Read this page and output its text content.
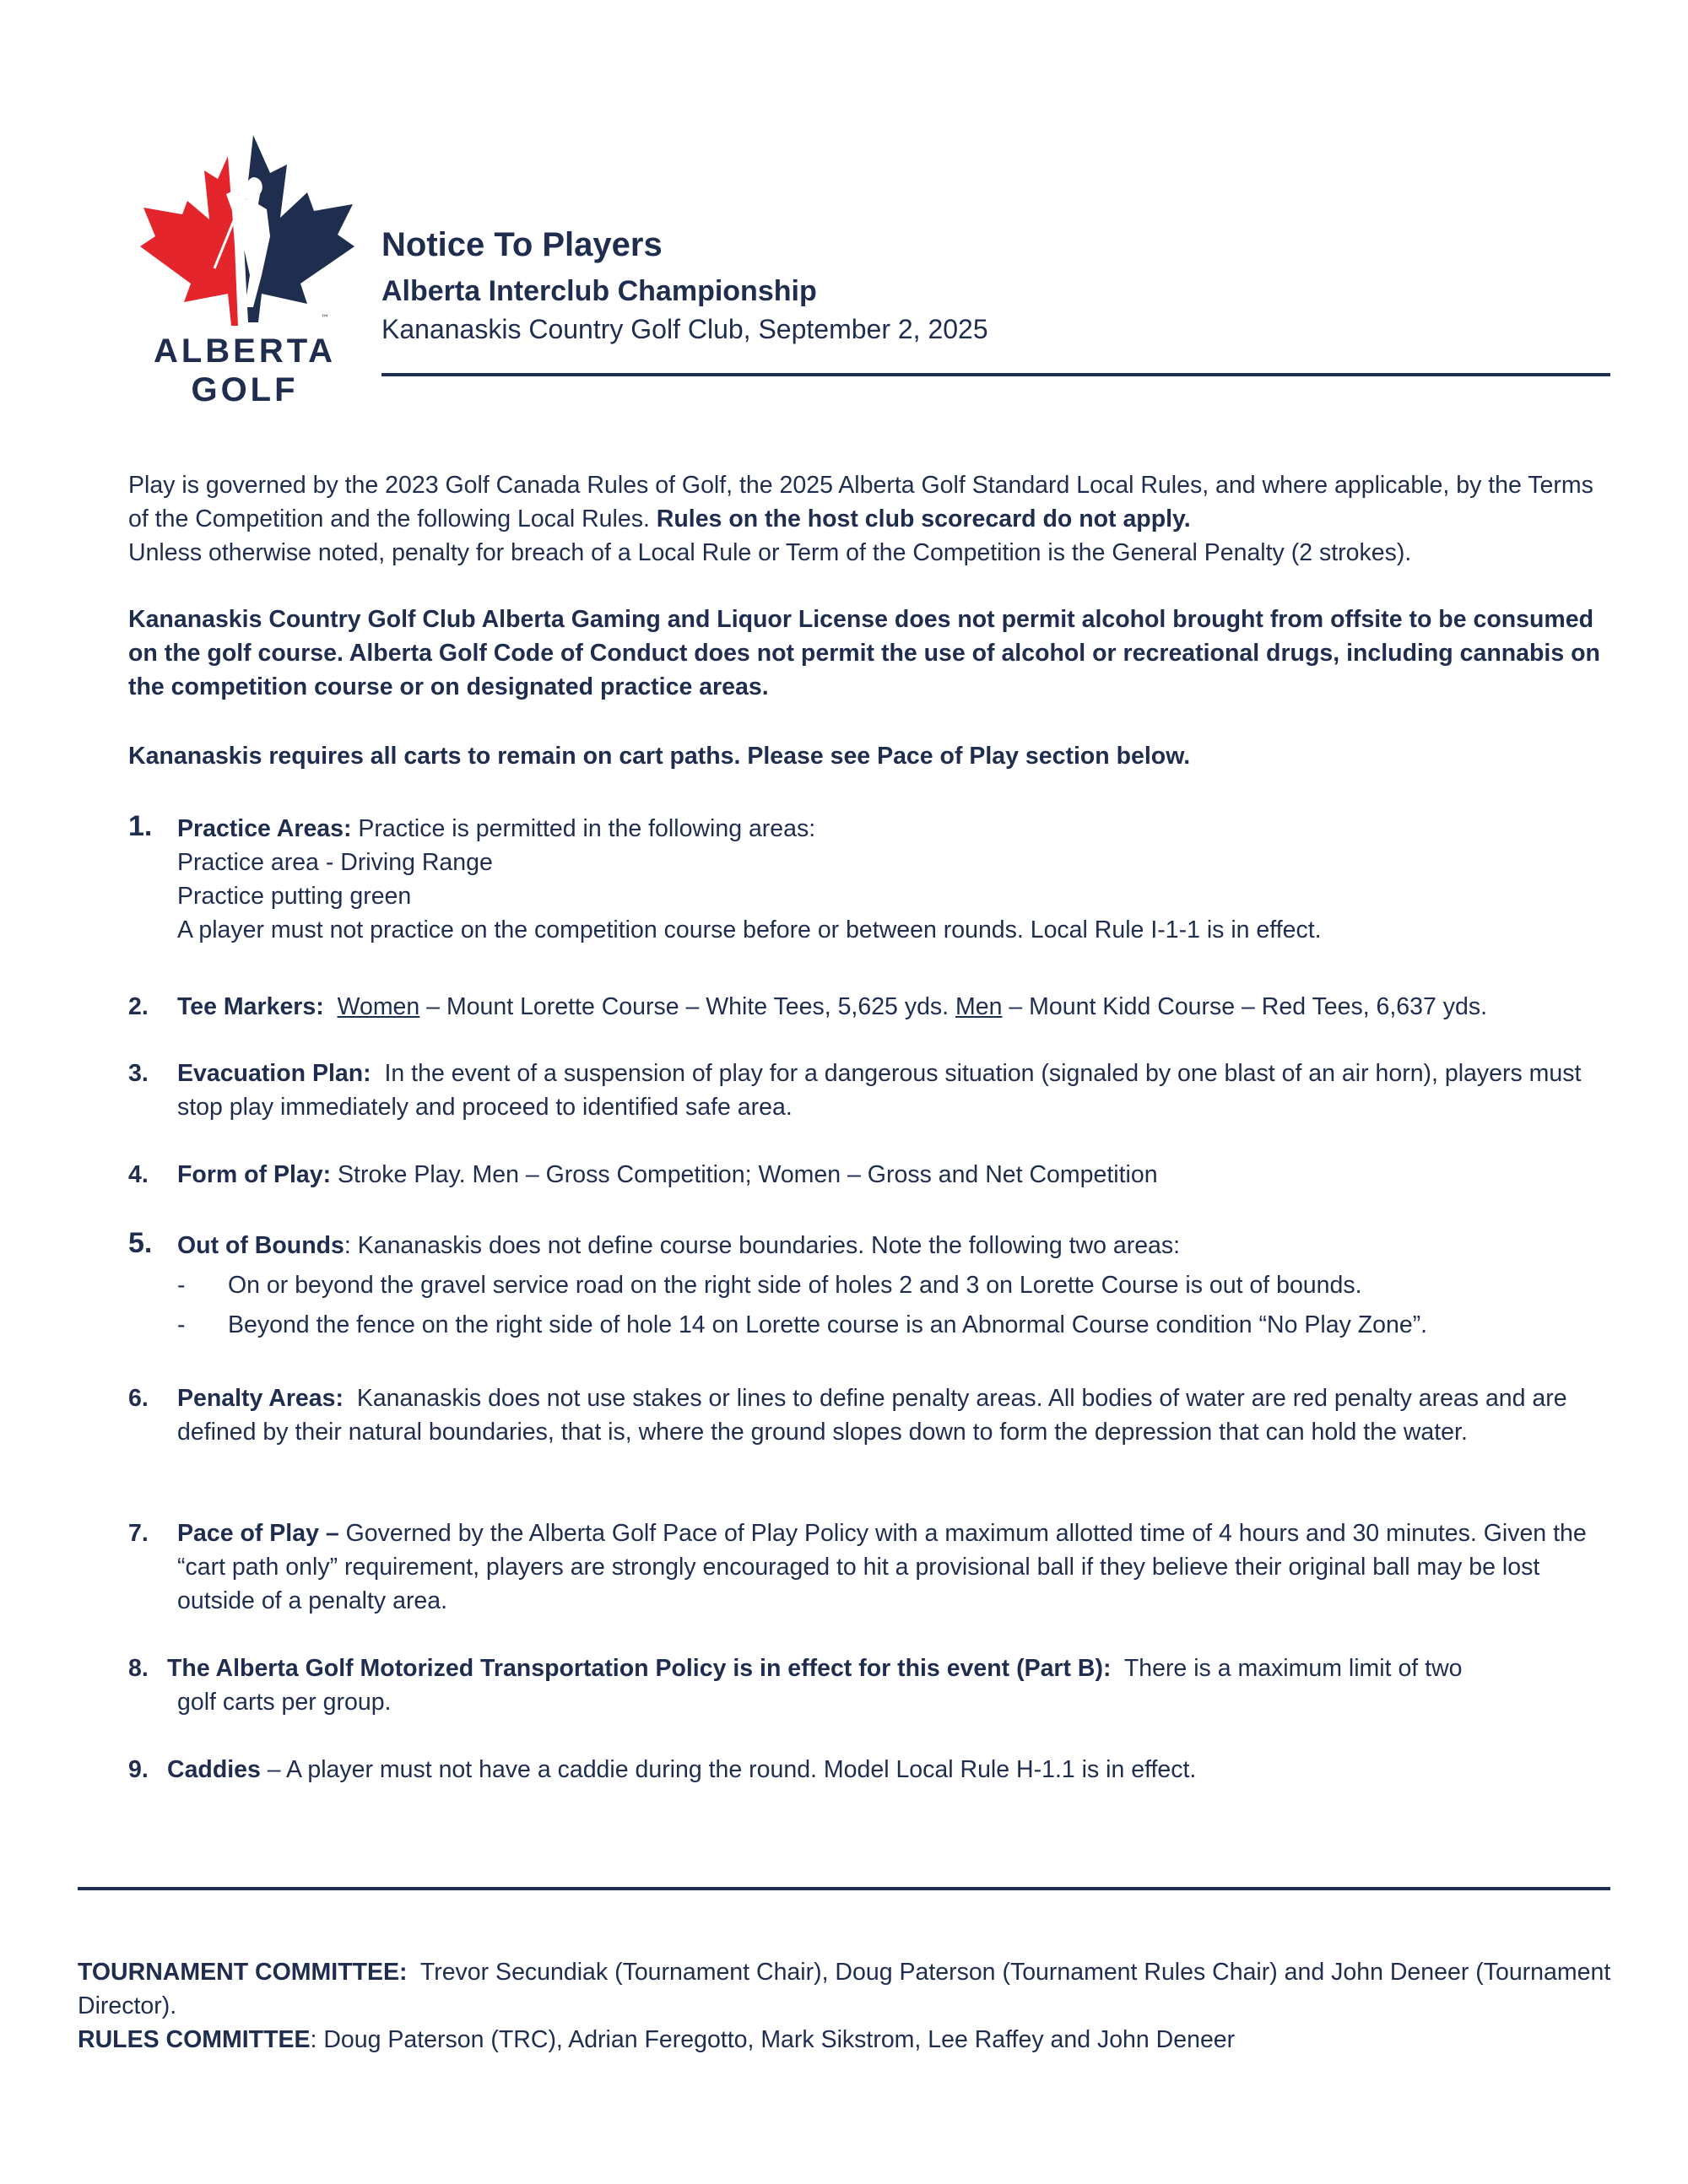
™
ALBERTA
GOLF
Notice To Players
Alberta Interclub Championship
Kananaskis Country Golf Club, September 2, 2025
Play is governed by the 2023 Golf Canada Rules of Golf, the 2025 Alberta Golf Standard Local Rules, and where applicable, by the Terms of the Competition and the following Local Rules. Rules on the host club scorecard do not apply.
Unless otherwise noted, penalty for breach of a Local Rule or Term of the Competition is the General Penalty (2 strokes).
Kananaskis Country Golf Club Alberta Gaming and Liquor License does not permit alcohol brought from offsite to be consumed on the golf course. Alberta Golf Code of Conduct does not permit the use of alcohol or recreational drugs, including cannabis on the competition course or on designated practice areas.
Kananaskis requires all carts to remain on cart paths. Please see Pace of Play section below.
1. Practice Areas: Practice is permitted in the following areas:
Practice area - Driving Range
Practice putting green
A player must not practice on the competition course before or between rounds. Local Rule I-1-1 is in effect.
2. Tee Markers: Women – Mount Lorette Course – White Tees, 5,625 yds. Men – Mount Kidd Course – Red Tees, 6,637 yds.
3. Evacuation Plan: In the event of a suspension of play for a dangerous situation (signaled by one blast of an air horn), players must stop play immediately and proceed to identified safe area.
4. Form of Play: Stroke Play. Men – Gross Competition; Women – Gross and Net Competition
5. Out of Bounds: Kananaskis does not define course boundaries. Note the following two areas:
- On or beyond the gravel service road on the right side of holes 2 and 3 on Lorette Course is out of bounds.
- Beyond the fence on the right side of hole 14 on Lorette course is an Abnormal Course condition “No Play Zone”.
6. Penalty Areas: Kananaskis does not use stakes or lines to define penalty areas. All bodies of water are red penalty areas and are defined by their natural boundaries, that is, where the ground slopes down to form the depression that can hold the water.
7. Pace of Play – Governed by the Alberta Golf Pace of Play Policy with a maximum allotted time of 4 hours and 30 minutes. Given the “cart path only” requirement, players are strongly encouraged to hit a provisional ball if they believe their original ball may be lost outside of a penalty area.
8. The Alberta Golf Motorized Transportation Policy is in effect for this event (Part B): There is a maximum limit of two
golf carts per group.
9. Caddies – A player must not have a caddie during the round. Model Local Rule H-1.1 is in effect.
TOURNAMENT COMMITTEE: Trevor Secundiak (Tournament Chair), Doug Paterson (Tournament Rules Chair) and John Deneer (Tournament Director).
RULES COMMITTEE: Doug Paterson (TRC), Adrian Feregotto, Mark Sikstrom, Lee Raffey and John Deneer
